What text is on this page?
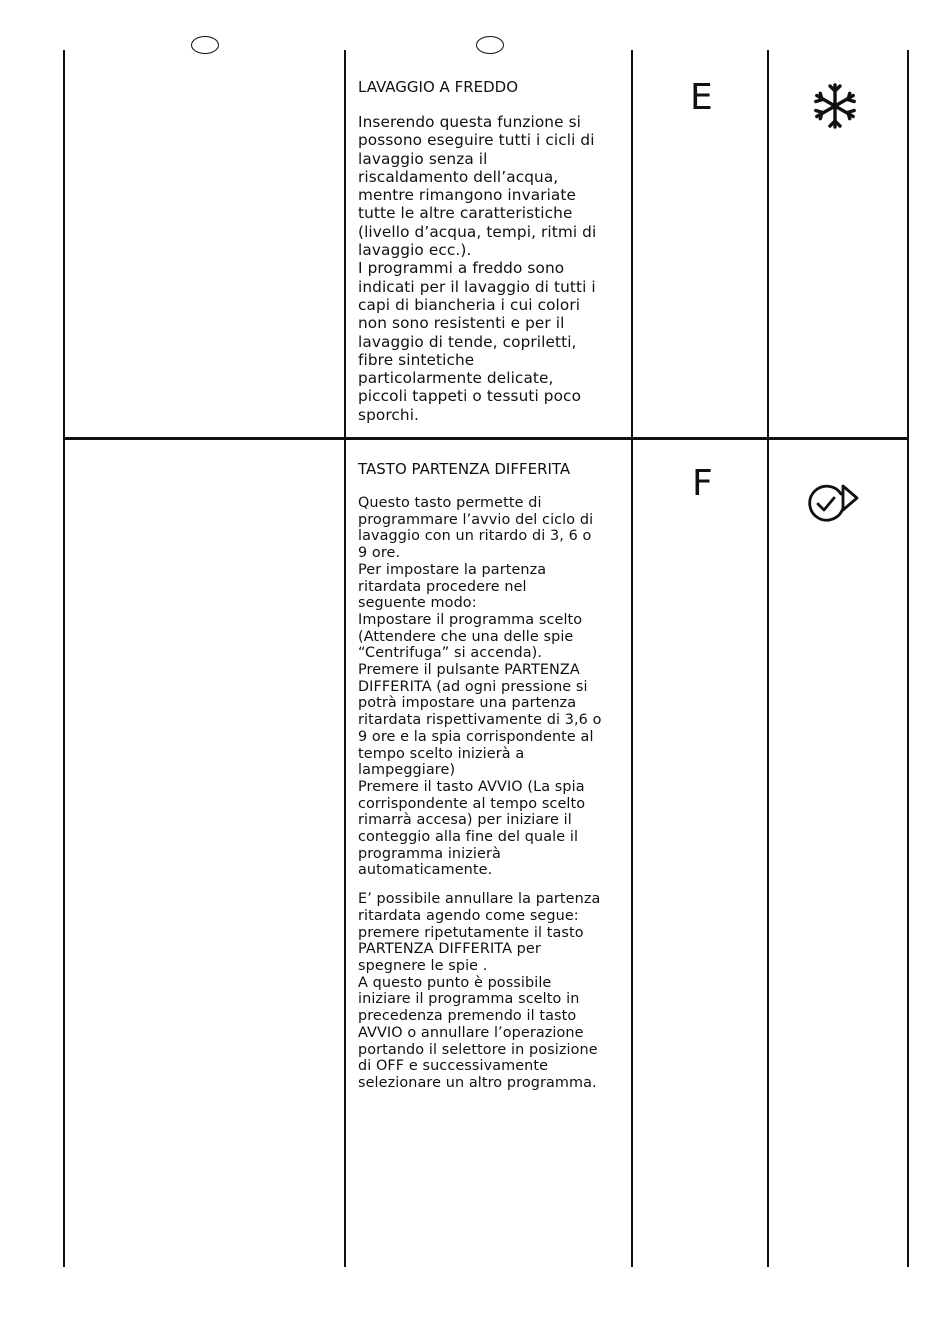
LAVAGGIO A FREDDO

Inserendo questa funzione si
possono eseguire tutti i cicli di
lavaggio senza il
riscaldamento dell’acqua,
mentre rimangono invariate
tutte le altre caratteristiche
(livello d’acqua, tempi, ritmi di
lavaggio ecc.).
I programmi a freddo sono
indicati per il lavaggio di tutti i
capi di biancheria i cui colori
non sono resistenti e per il
lavaggio di tende, copriletti,
fibre sintetiche
particolarmente delicate,
piccoli tappeti o tessuti poco
sporchi.

E
TASTO PARTENZA DIFFERITA

Questo tasto permette di
programmare l’avvio del ciclo di
lavaggio con un ritardo di 3, 6 o
9 ore.
Per impostare la partenza
ritardata procedere nel
seguente modo:
Impostare il programma scelto
(Attendere che una delle spie
“Centrifuga” si accenda).
Premere il pulsante PARTENZA
DIFFERITA (ad ogni pressione si
potrà impostare una partenza
ritardata rispettivamente di 3,6 o
9 ore e la spia corrispondente al
tempo scelto inizierà a
lampeggiare)
Premere il tasto AVVIO (La spia
corrispondente al tempo scelto
rimarrà accesa) per iniziare il
conteggio alla fine del quale il
programma inizierà
automaticamente.

E’ possibile annullare la partenza
ritardata agendo come segue:
premere ripetutamente il tasto
PARTENZA DIFFERITA per
spegnere le spie .
A questo punto è possibile
iniziare il programma scelto in
precedenza premendo il tasto
AVVIO o annullare l’operazione
portando il selettore in posizione
di OFF e successivamente
selezionare un altro programma.

F
